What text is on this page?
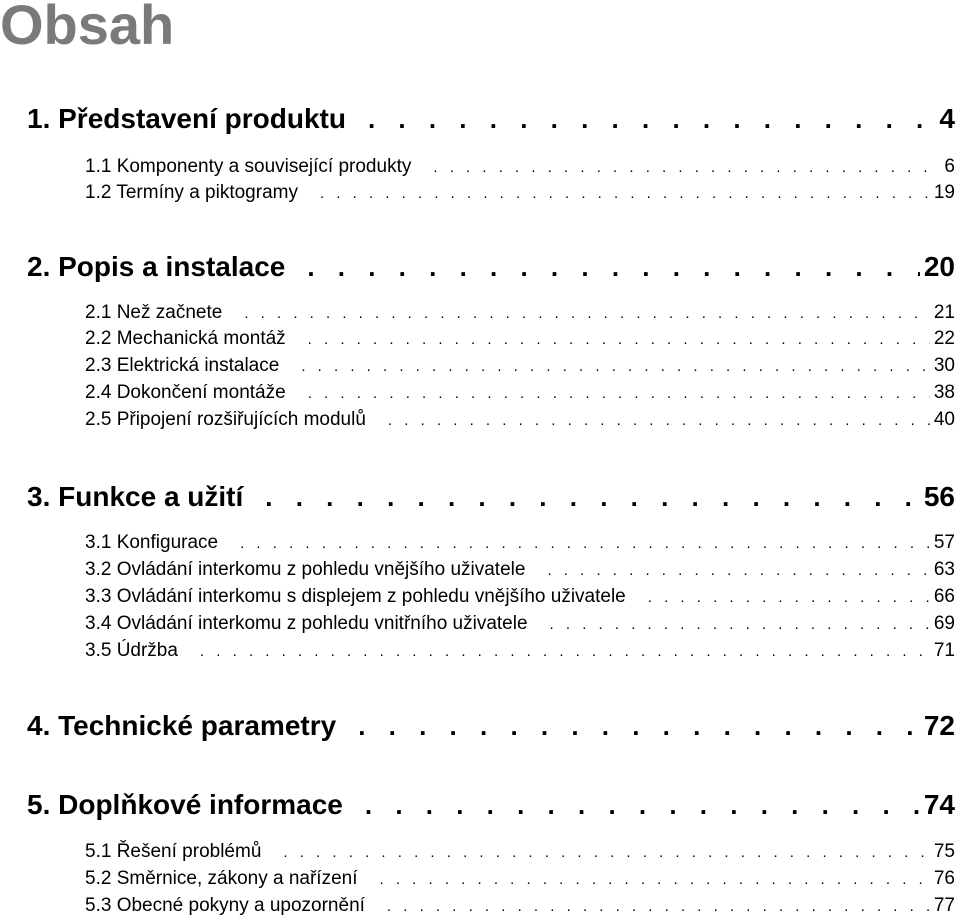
Obsah
1. Představení produktu . . .	4
1.1 Komponenty a související produkty . . .	6
1.2 Termíny a piktogramy . . .	19
2. Popis a instalace . . .	20
2.1 Než začnete . . .	21
2.2 Mechanická montáž . . .	22
2.3 Elektrická instalace . . .	30
2.4 Dokončení montáže . . .	38
2.5 Připojení rozšiřujících modulů . . .	40
3. Funkce a užití . . .	56
3.1 Konfigurace . . .	57
3.2 Ovládání interkomu z pohledu vnějšího uživatele . . .	63
3.3 Ovládání interkomu s displejem z pohledu vnějšího uživatele . . .	66
3.4 Ovládání interkomu z pohledu vnitřního uživatele . . .	69
3.5 Údržba . . .	71
4. Technické parametry . . .	72
5. Doplňkové informace . . .	74
5.1 Řešení problémů . . .	75
5.2 Směrnice, zákony a nařízení . . .	76
5.3 Obecné pokyny a upozornění . . .	77
